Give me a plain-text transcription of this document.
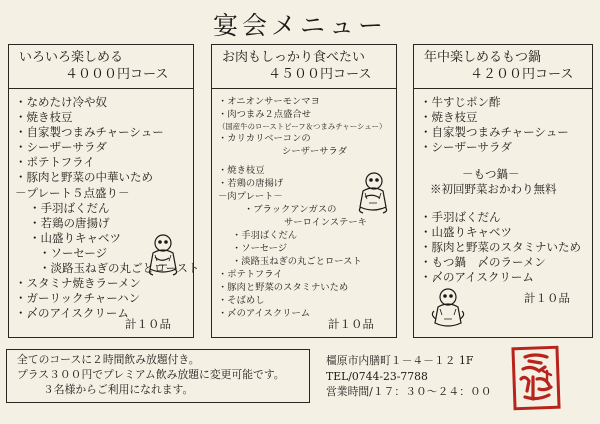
宴会メニュー
いろいろ楽しめる
４０００円コース
・なめたけ冷や奴
・焼き枝豆
・自家製つまみチャーシュー
・シーザーサラダ
・ポテトフライ
・豚肉と野菜の中華いため
－プレート５点盛り－
・手羽ばくだん
・若鶏の唐揚げ
・山盛りキャベツ
・ソーセージ
・淡路玉ねぎの丸ごとロースト
・スタミナ焼きラーメン
・ガーリックチャーハン
・〆のアイスクリーム
計１０品
お肉もしっかり食べたい
４５００円コース
・オニオンサーモンマヨ
・肉つまみ２点盛合せ
（国産牛のローストビーフ＆つまみチャーシュー）
・カリカリベーコンの
シーザーサラダ
・焼き枝豆
・若鶏の唐揚げ
－肉プレート－
・ブラックアンガスの
サーロインステーキ
・手羽ばくだん
・ソーセージ
・淡路玉ねぎの丸ごとロースト
・ポテトフライ
・豚肉と野菜のスタミナいため
・そばめし
・〆のアイスクリーム
計１０品
年中楽しめるもつ鍋
４２００円コース
・牛すじポン酢
・焼き枝豆
・自家製つまみチャーシュー
・シーザーサラダ
－もつ鍋－
※初回野菜おかわり無料
・手羽ばくだん
・山盛りキャベツ
・豚肉と野菜のスタミナいため
・もつ鍋　〆のラーメン
・〆のアイスクリーム
計１０品
全てのコースに２時間飲み放題付き。
プラス３００円でプレミアム飲み放題に変更可能です。
３名様からご利用になれます。
橿原市内膳町１－４－１２ 1F
TEL/0744-23-7788
営業時間/１７：３０～２４：００
